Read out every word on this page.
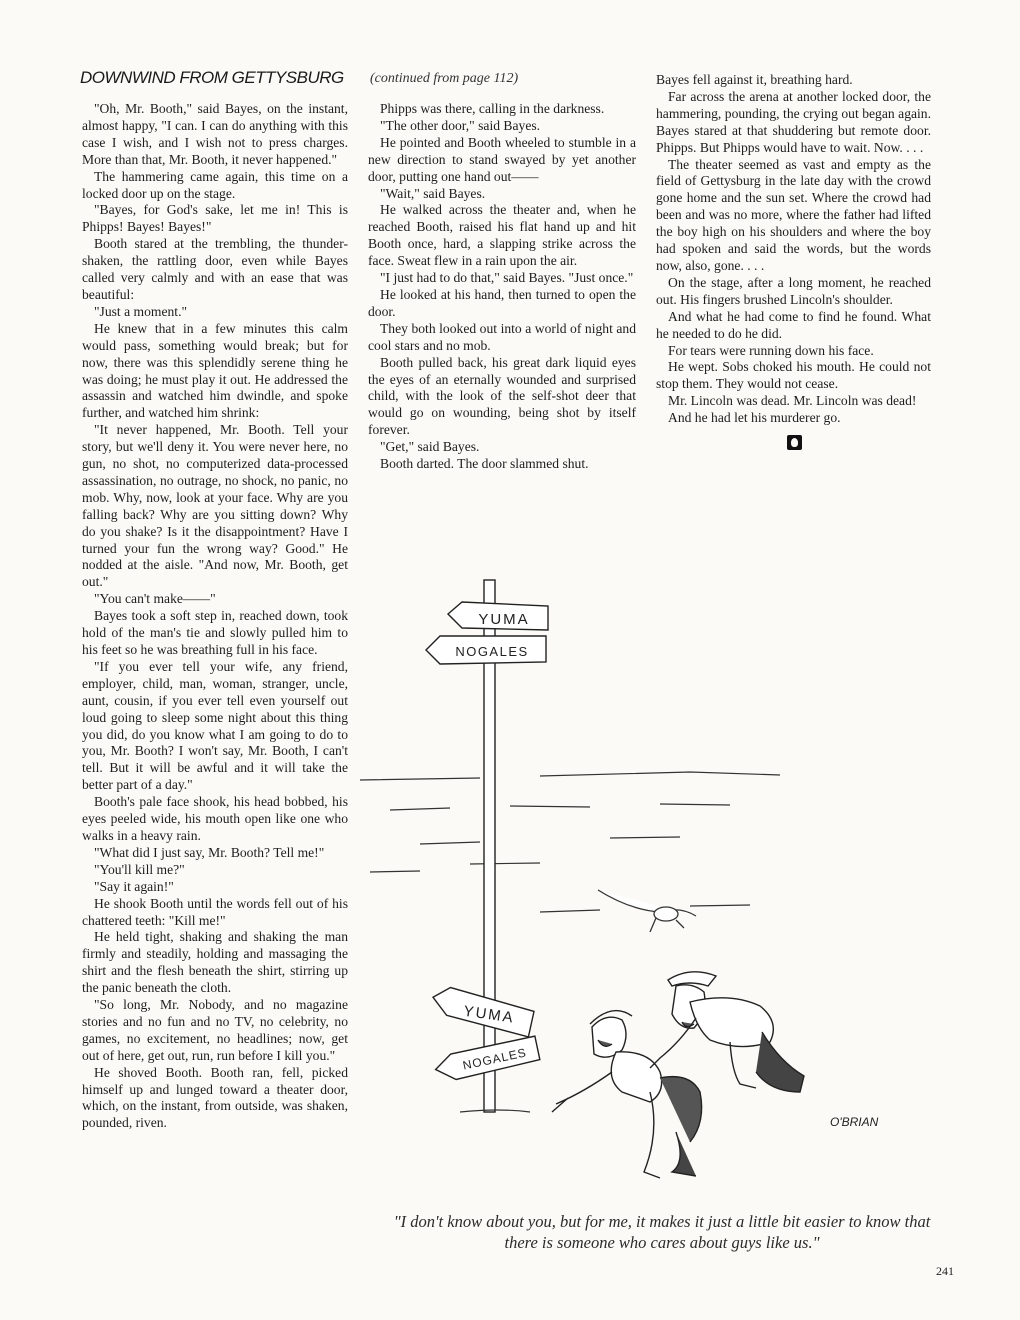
DOWNWIND FROM GETTYSBURG (continued from page 112)

"Oh, Mr. Booth," said Bayes, on the instant, almost happy, "I can. I can do anything with this case I wish, and I wish not to press charges. More than that, Mr. Booth, it never happened."

The hammering came again, this time on a locked door up on the stage.

"Bayes, for God's sake, let me in! This is Phipps! Bayes! Bayes!"

Booth stared at the trembling, the thunder-shaken, the rattling door, even while Bayes called very calmly and with an ease that was beautiful:

"Just a moment."

He knew that in a few minutes this calm would pass, something would break; but for now, there was this splendidly serene thing he was doing; he must play it out. He addressed the assassin and watched him dwindle, and spoke further, and watched him shrink:

"It never happened, Mr. Booth. Tell your story, but we'll deny it. You were never here, no gun, no shot, no computerized data-processed assassination, no outrage, no shock, no panic, no mob. Why, now, look at your face. Why are you falling back? Why are you sitting down? Why do you shake? Is it the disappointment? Have I turned your fun the wrong way? Good." He nodded at the aisle. "And now, Mr. Booth, get out."

"You can't make——"

Bayes took a soft step in, reached down, took hold of the man's tie and slowly pulled him to his feet so he was breathing full in his face.

"If you ever tell your wife, any friend, employer, child, man, woman, stranger, uncle, aunt, cousin, if you ever tell even yourself out loud going to sleep some night about this thing you did, do you know what I am going to do to you, Mr. Booth? I won't say, Mr. Booth, I can't tell. But it will be awful and it will take the better part of a day."

Booth's pale face shook, his head bobbed, his eyes peeled wide, his mouth open like one who walks in a heavy rain.

"What did I just say, Mr. Booth? Tell me!"

"You'll kill me?"

"Say it again!"

He shook Booth until the words fell out of his chattered teeth: "Kill me!"

He held tight, shaking and shaking the man firmly and steadily, holding and massaging the shirt and the flesh beneath the shirt, stirring up the panic beneath the cloth.

"So long, Mr. Nobody, and no magazine stories and no fun and no TV, no celebrity, no games, no excitement, no headlines; now, get out of here, get out, run, run before I kill you."

He shoved Booth. Booth ran, fell, picked himself up and lunged toward a theater door, which, on the instant, from outside, was shaken, pounded, riven.

Phipps was there, calling in the darkness.

"The other door," said Bayes.

He pointed and Booth wheeled to stumble in a new direction to stand swayed by yet another door, putting one hand out——

"Wait," said Bayes.

He walked across the theater and, when he reached Booth, raised his flat hand up and hit Booth once, hard, a slapping strike across the face. Sweat flew in a rain upon the air.

"I just had to do that," said Bayes. "Just once."

He looked at his hand, then turned to open the door.

They both looked out into a world of night and cool stars and no mob.

Booth pulled back, his great dark liquid eyes the eyes of an eternally wounded and surprised child, with the look of the self-shot deer that would go on wounding, being shot by itself forever.

"Get," said Bayes.

Booth darted. The door slammed shut.

Bayes fell against it, breathing hard.

Far across the arena at another locked door, the hammering, pounding, the crying out began again. Bayes stared at that shuddering but remote door. Phipps. But Phipps would have to wait. Now. . . .

The theater seemed as vast and empty as the field of Gettysburg in the late day with the crowd gone home and the sun set. Where the crowd had been and was no more, where the father had lifted the boy high on his shoulders and where the boy had spoken and said the words, but the words now, also, gone. . . .

On the stage, after a long moment, he reached out. His fingers brushed Lincoln's shoulder.

And what he had come to find he found. What he needed to do he did.

For tears were running down his face.

He wept. Sobs choked his mouth. He could not stop them. They would not cease.

Mr. Lincoln was dead. Mr. Lincoln was dead!

And he had let his murderer go.

YUMA
NOGALES
YUMA
NOGALES
O'BRIAN
"I don't know about you, but for me, it makes it just a little bit easier to know that there is someone who cares about guys like us."
241
